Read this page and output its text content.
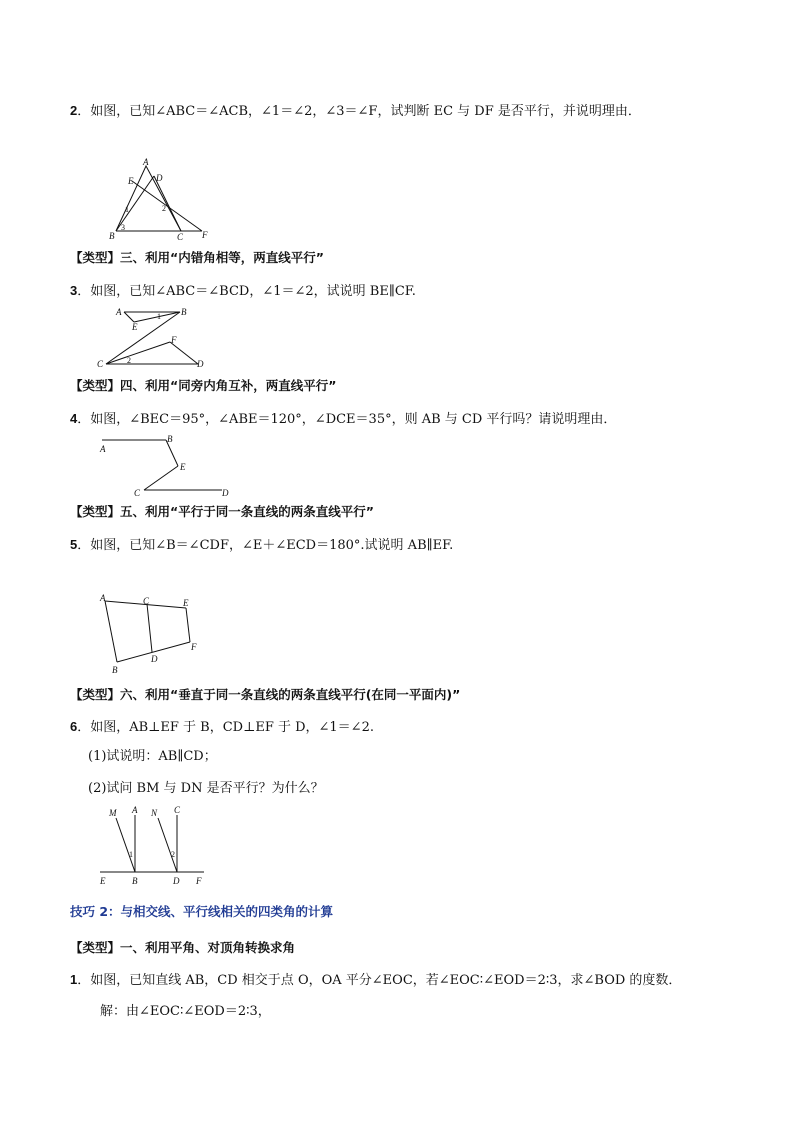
2．如图，已知∠ABC＝∠ACB，∠1＝∠2，∠3＝∠F，试判断 EC 与 DF 是否平行，并说明理由．
A
E	D
B	C F
1	2
3
【类型】三、利用“内错角相等，两直线平行”
3．如图，已知∠ABC＝∠BCD，∠1＝∠2，试说明 BE∥CF.
A	B
E
F
C	D
1
2
【类型】四、利用“同旁内角互补，两直线平行”
4．如图，∠BEC＝95°，∠ABE＝120°，∠DCE＝35°，则 AB 与 CD 平行吗？请说明理由．
A
B
E
C	D
【类型】五、利用“平行于同一条直线的两条直线平行”
5．如图，已知∠B＝∠CDF，∠E＋∠ECD＝180°.试说明 AB∥EF.
A	C	E
F
D
B
【类型】六、利用“垂直于同一条直线的两条直线平行(在同一平面内)”
6．如图，AB⊥EF 于 B，CD⊥EF 于 D，∠1＝∠2.
(1)试说明：AB∥CD；
(2)试问 BM 与 DN 是否平行？为什么？
M A N C
1	2
E	B	D F
技巧 2：与相交线、平行线相关的四类角的计算
【类型】一、利用平角、对顶角转换求角
1．如图，已知直线 AB，CD 相交于点 O，OA 平分∠EOC，若∠EOC∶∠EOD＝2∶3，求∠BOD 的度数．
解：由∠EOC∶∠EOD＝2∶3，
